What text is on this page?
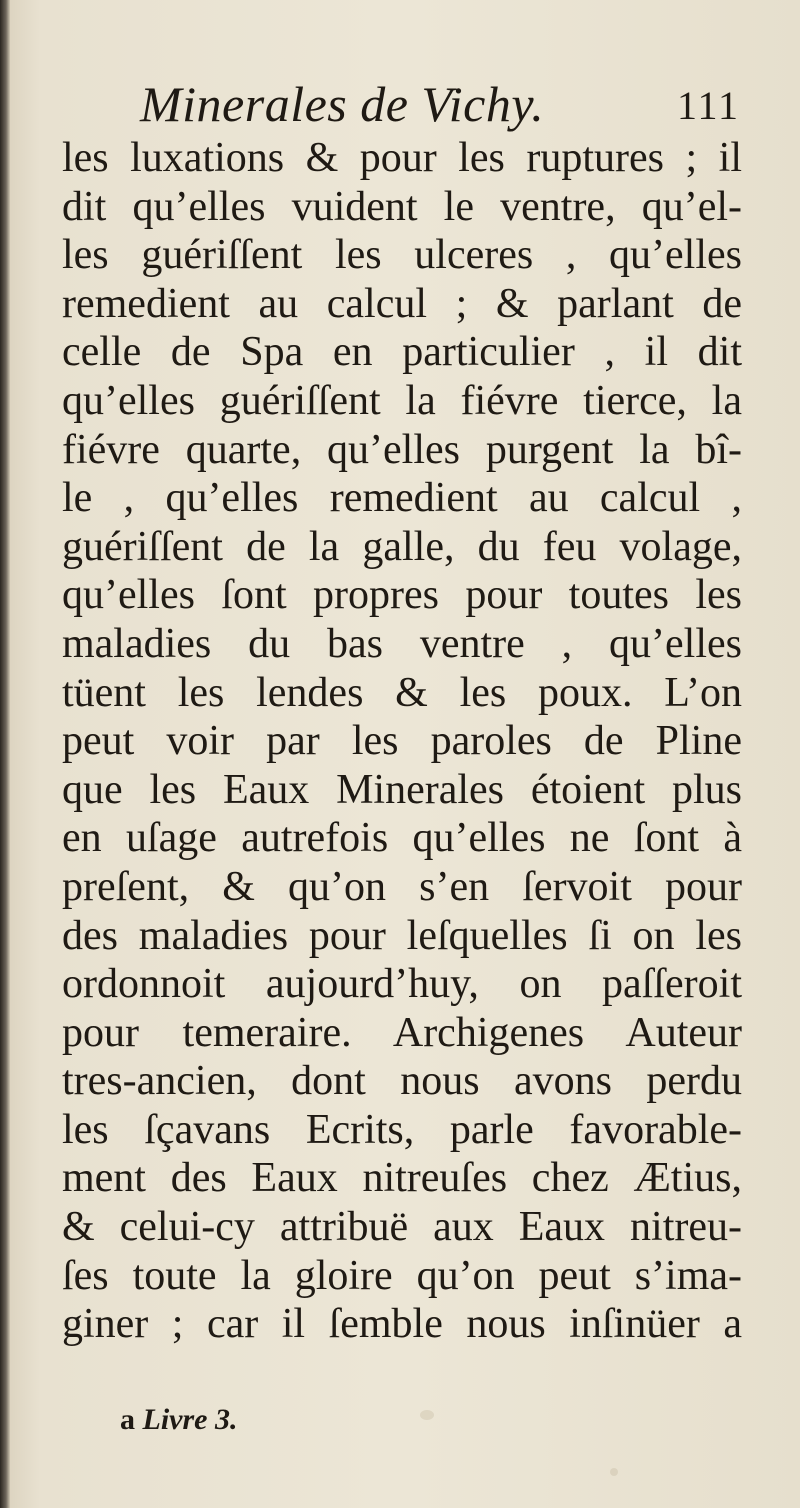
Minerales de Vichy.	111
les luxations & pour les ruptures ; il
dit qu’elles vuident le ventre, qu’el-
les guériſſent les ulceres , qu’elles
remedient au calcul ; & parlant de
celle de Spa en particulier , il dit
qu’elles guériſſent la fiévre tierce, la
fiévre quarte, qu’elles purgent la bî-
le , qu’elles remedient au calcul ,
guériſſent de la galle, du feu volage,
qu’elles ſont propres pour toutes les
maladies du bas ventre , qu’elles
tüent les lendes & les poux. L’on
peut voir par les paroles de Pline
que les Eaux Minerales étoient plus
en uſage autrefois qu’elles ne ſont à
preſent, & qu’on s’en ſervoit pour
des maladies pour leſquelles ſi on les
ordonnoit aujourd’huy, on paſſeroit
pour temeraire. Archigenes Auteur
tres-ancien, dont nous avons perdu
les ſçavans Ecrits, parle favorable-
ment des Eaux nitreuſes chez Ætius,
& celui-cy attribuë aux Eaux nitreu-
ſes toute la gloire qu’on peut s’ima-
giner ; car il ſemble nous inſinüer a
a Livre 3.
